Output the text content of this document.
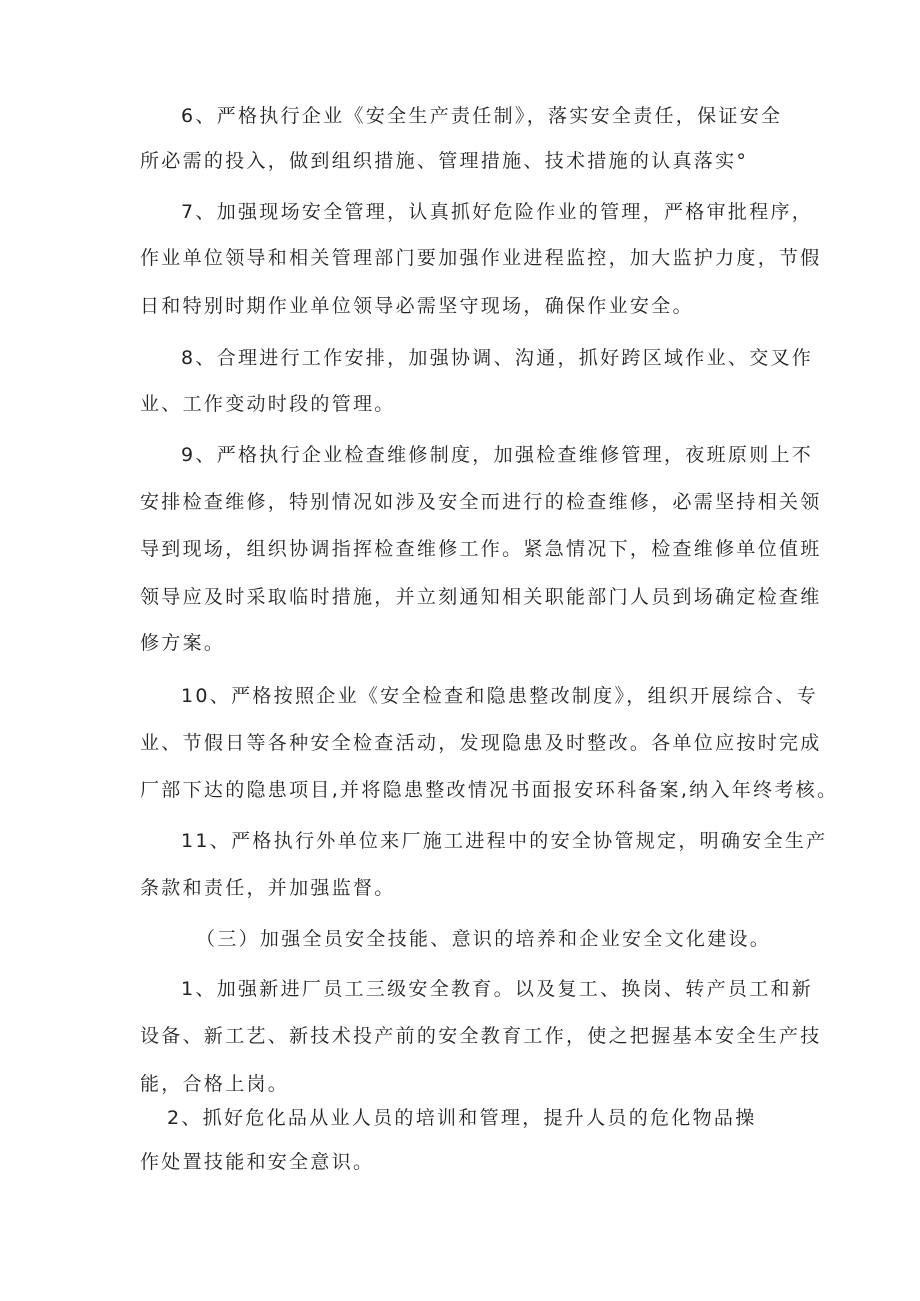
6、严格执行企业《安全生产责任制》，落实安全责任，保证安全
所必需的投入，做到组织措施、管理措施、技术措施的认真落实°
7、加强现场安全管理，认真抓好危险作业的管理，严格审批程序，
作业单位领导和相关管理部门要加强作业进程监控，加大监护力度，节假
日和特别时期作业单位领导必需坚守现场，确保作业安全。
8、合理进行工作安排，加强协调、沟通，抓好跨区域作业、交叉作
业、工作变动时段的管理。
9、严格执行企业检查维修制度，加强检查维修管理，夜班原则上不
安排检查维修，特别情况如涉及安全而进行的检查维修，必需坚持相关领
导到现场，组织协调指挥检查维修工作。紧急情况下，检查维修单位值班
领导应及时采取临时措施，并立刻通知相关职能部门人员到场确定检查维
修方案。
10、严格按照企业《安全检查和隐患整改制度》，组织开展综合、专
业、节假日等各种安全检查活动，发现隐患及时整改。各单位应按时完成
厂部下达的隐患项目,并将隐患整改情况书面报安环科备案,纳入年终考核。
11、严格执行外单位来厂施工进程中的安全协管规定，明确安全生产
条款和责任，并加强监督。
（三）加强全员安全技能、意识的培养和企业安全文化建设。
1、加强新进厂员工三级安全教育。以及复工、换岗、转产员工和新
设备、新工艺、新技术投产前的安全教育工作，使之把握基本安全生产技
能，合格上岗。
2、抓好危化品从业人员的培训和管理，提升人员的危化物品操
作处置技能和安全意识。
